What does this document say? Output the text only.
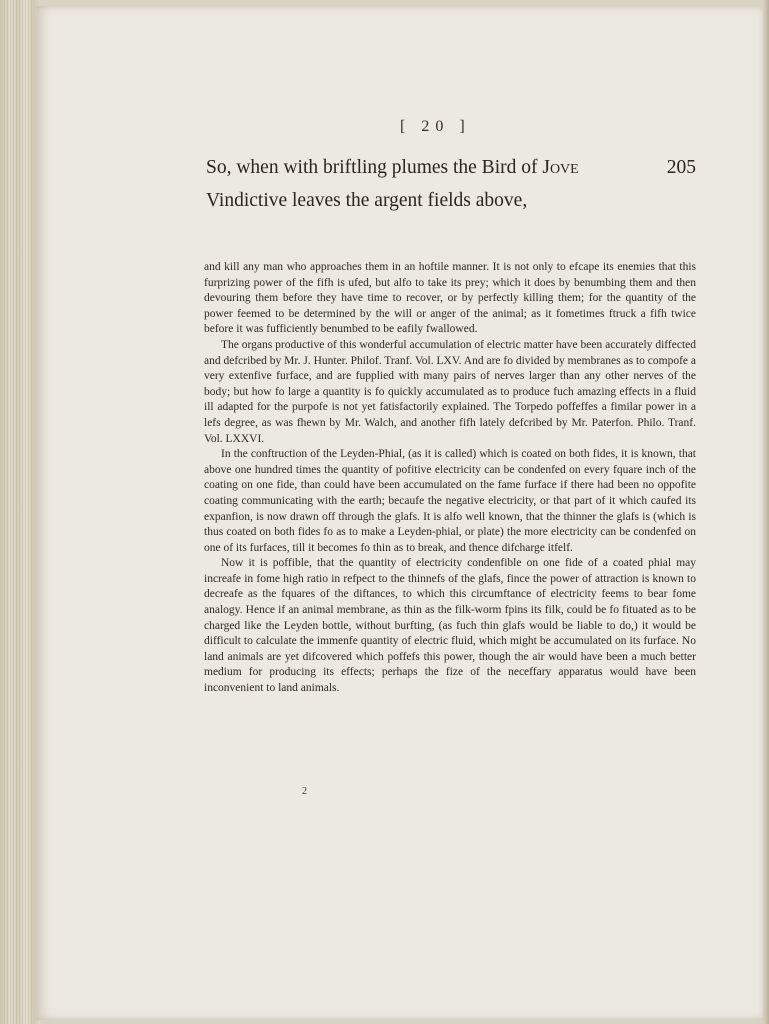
[ 20 ]
So, when with briftling plumes the Bird of Jove	205
Vindictive leaves the argent fields above,

and kill any man who approaches them in an hoftile manner. It is not only to efcape its enemies that this furprizing power of the fifh is ufed, but alfo to take its prey; which it does by benumbing them and then devouring them before they have time to recover, or by perfectly killing them; for the quantity of the power feemed to be determined by the will or anger of the animal; as it fometimes ftruck a fifh twice before it was fufficiently benumbed to be eafily fwallowed.

The organs productive of this wonderful accumulation of electric matter have been accurately diffected and defcribed by Mr. J. Hunter. Philof. Tranf. Vol. LXV. And are fo divided by membranes as to compofe a very extenfive furface, and are fupplied with many pairs of nerves larger than any other nerves of the body; but how fo large a quantity is fo quickly accumulated as to produce fuch amazing effects in a fluid ill adapted for the purpofe is not yet fatisfactorily explained. The Torpedo poffeffes a fimilar power in a lefs degree, as was fhewn by Mr. Walch, and another fifh lately defcribed by Mr. Paterfon. Philo. Tranf. Vol. LXXVI.

In the conftruction of the Leyden-Phial, (as it is called) which is coated on both fides, it is known, that above one hundred times the quantity of pofitive electricity can be condenfed on every fquare inch of the coating on one fide, than could have been accumulated on the fame furface if there had been no oppofite coating communicating with the earth; becaufe the negative electricity, or that part of it which caufed its expanfion, is now drawn off through the glafs. It is alfo well known, that the thinner the glafs is (which is thus coated on both fides fo as to make a Leyden-phial, or plate) the more electricity can be condenfed on one of its furfaces, till it becomes fo thin as to break, and thence difcharge itfelf.

Now it is poffible, that the quantity of electricity condenfible on one fide of a coated phial may increafe in fome high ratio in refpect to the thinnefs of the glafs, fince the power of attraction is known to decreafe as the fquares of the diftances, to which this circumftance of electricity feems to bear fome analogy. Hence if an animal membrane, as thin as the filk-worm fpins its filk, could be fo fituated as to be charged like the Leyden bottle, without burfting, (as fuch thin glafs would be liable to do,) it would be difficult to calculate the immenfe quantity of electric fluid, which might be accumulated on its furface. No land animals are yet difcovered which poffefs this power, though the air would have been a much better medium for producing its effects; perhaps the fize of the neceffary apparatus would have been inconvenient to land animals.

2
